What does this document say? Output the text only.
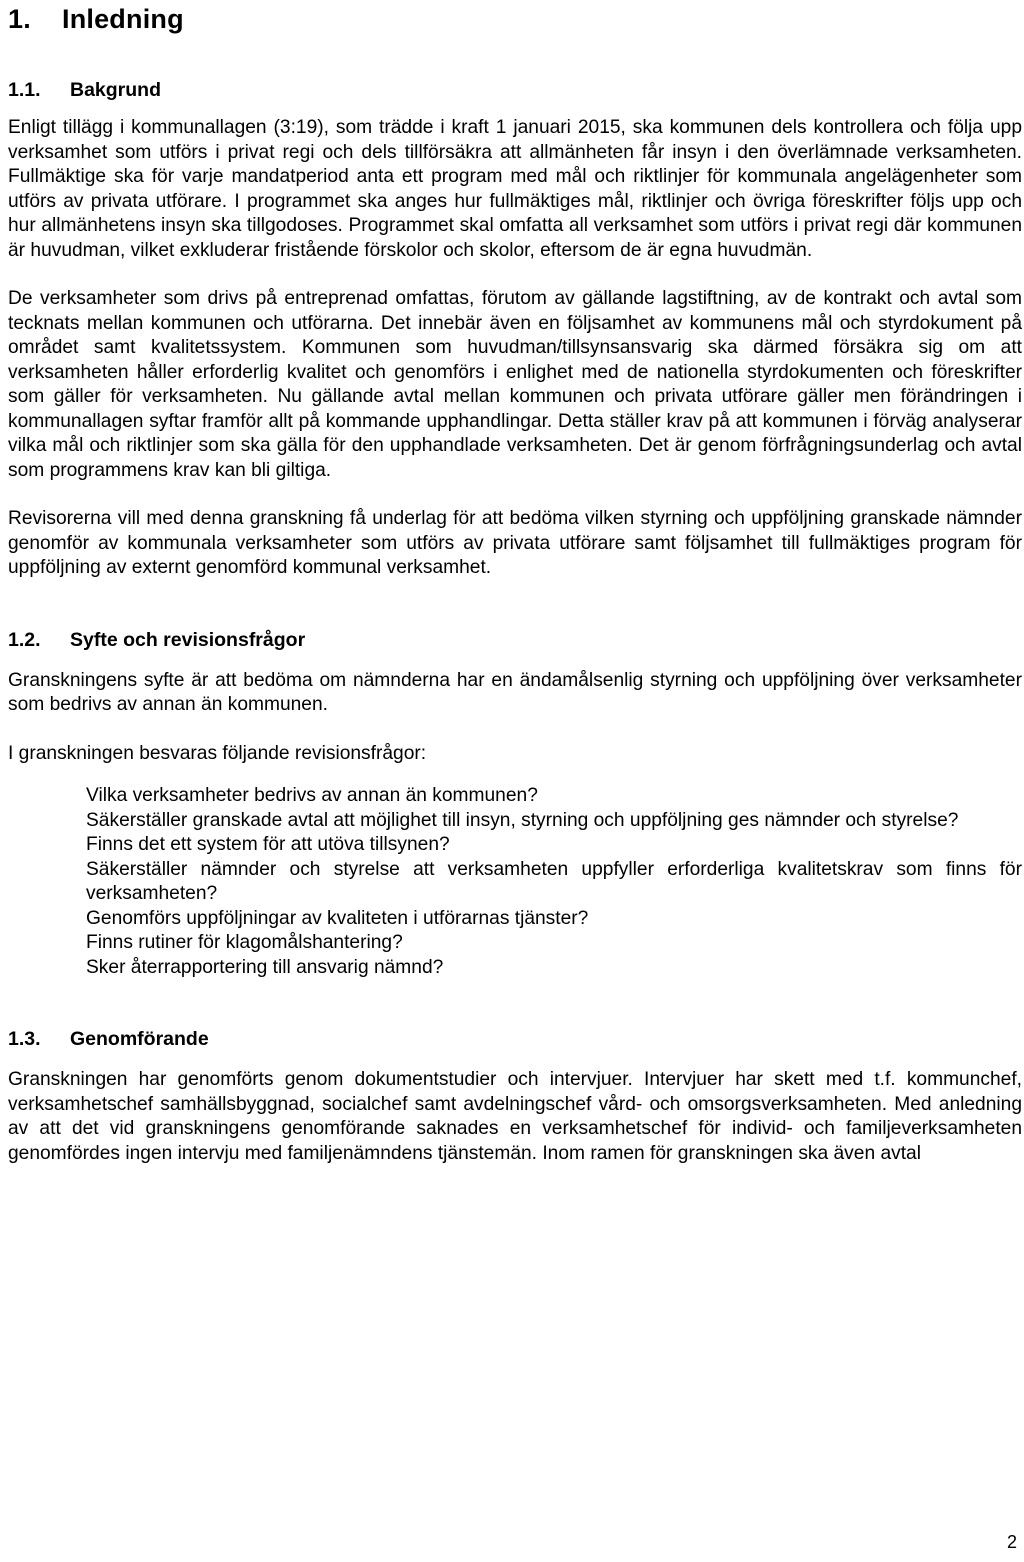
1. Inledning
1.1. Bakgrund

Enligt tillägg i kommunallagen (3:19), som trädde i kraft 1 januari 2015, ska kommunen dels kontrollera och följa upp verksamhet som utförs i privat regi och dels tillförsäkra att allmänheten får insyn i den överlämnade verksamheten. Fullmäktige ska för varje mandatperiod anta ett program med mål och riktlinjer för kommunala angelägenheter som utförs av privata utförare. I programmet ska anges hur fullmäktiges mål, riktlinjer och övriga föreskrifter följs upp och hur allmänhetens insyn ska tillgodoses. Programmet skal omfatta all verksamhet som utförs i privat regi där kommunen är huvudman, vilket exkluderar fristående förskolor och skolor, eftersom de är egna huvudmän.

De verksamheter som drivs på entreprenad omfattas, förutom av gällande lagstiftning, av de kontrakt och avtal som tecknats mellan kommunen och utförarna. Det innebär även en följsamhet av kommunens mål och styrdokument på området samt kvalitetssystem. Kommunen som huvudman/tillsynsansvarig ska därmed försäkra sig om att verksamheten håller erforderlig kvalitet och genomförs i enlighet med de nationella styrdokumenten och föreskrifter som gäller för verksamheten. Nu gällande avtal mellan kommunen och privata utförare gäller men förändringen i kommunallagen syftar framför allt på kommande upphandlingar. Detta ställer krav på att kommunen i förväg analyserar vilka mål och riktlinjer som ska gälla för den upphandlade verksamheten. Det är genom förfrågningsunderlag och avtal som programmens krav kan bli giltiga.

Revisorerna vill med denna granskning få underlag för att bedöma vilken styrning och uppföljning granskade nämnder genomför av kommunala verksamheter som utförs av privata utförare samt följsamhet till fullmäktiges program för uppföljning av externt genomförd kommunal verksamhet.

1.2. Syfte och revisionsfrågor

Granskningens syfte är att bedöma om nämnderna har en ändamålsenlig styrning och uppföljning över verksamheter som bedrivs av annan än kommunen.

I granskningen besvaras följande revisionsfrågor:

Vilka verksamheter bedrivs av annan än kommunen?
Säkerställer granskade avtal att möjlighet till insyn, styrning och uppföljning ges nämnder och styrelse?
Finns det ett system för att utöva tillsynen?
Säkerställer nämnder och styrelse att verksamheten uppfyller erforderliga kvalitetskrav som finns för verksamheten?
Genomförs uppföljningar av kvaliteten i utförarnas tjänster?
Finns rutiner för klagomålshantering?
Sker återrapportering till ansvarig nämnd?
1.3. Genomförande

Granskningen har genomförts genom dokumentstudier och intervjuer. Intervjuer har skett med t.f. kommunchef, verksamhetschef samhällsbyggnad, socialchef samt avdelningschef vård- och omsorgsverksamheten. Med anledning av att det vid granskningens genomförande saknades en verksamhetschef för individ- och familjeverksamheten genomfördes ingen intervju med familjenämndens tjänstemän. Inom ramen för granskningen ska även avtal

2
